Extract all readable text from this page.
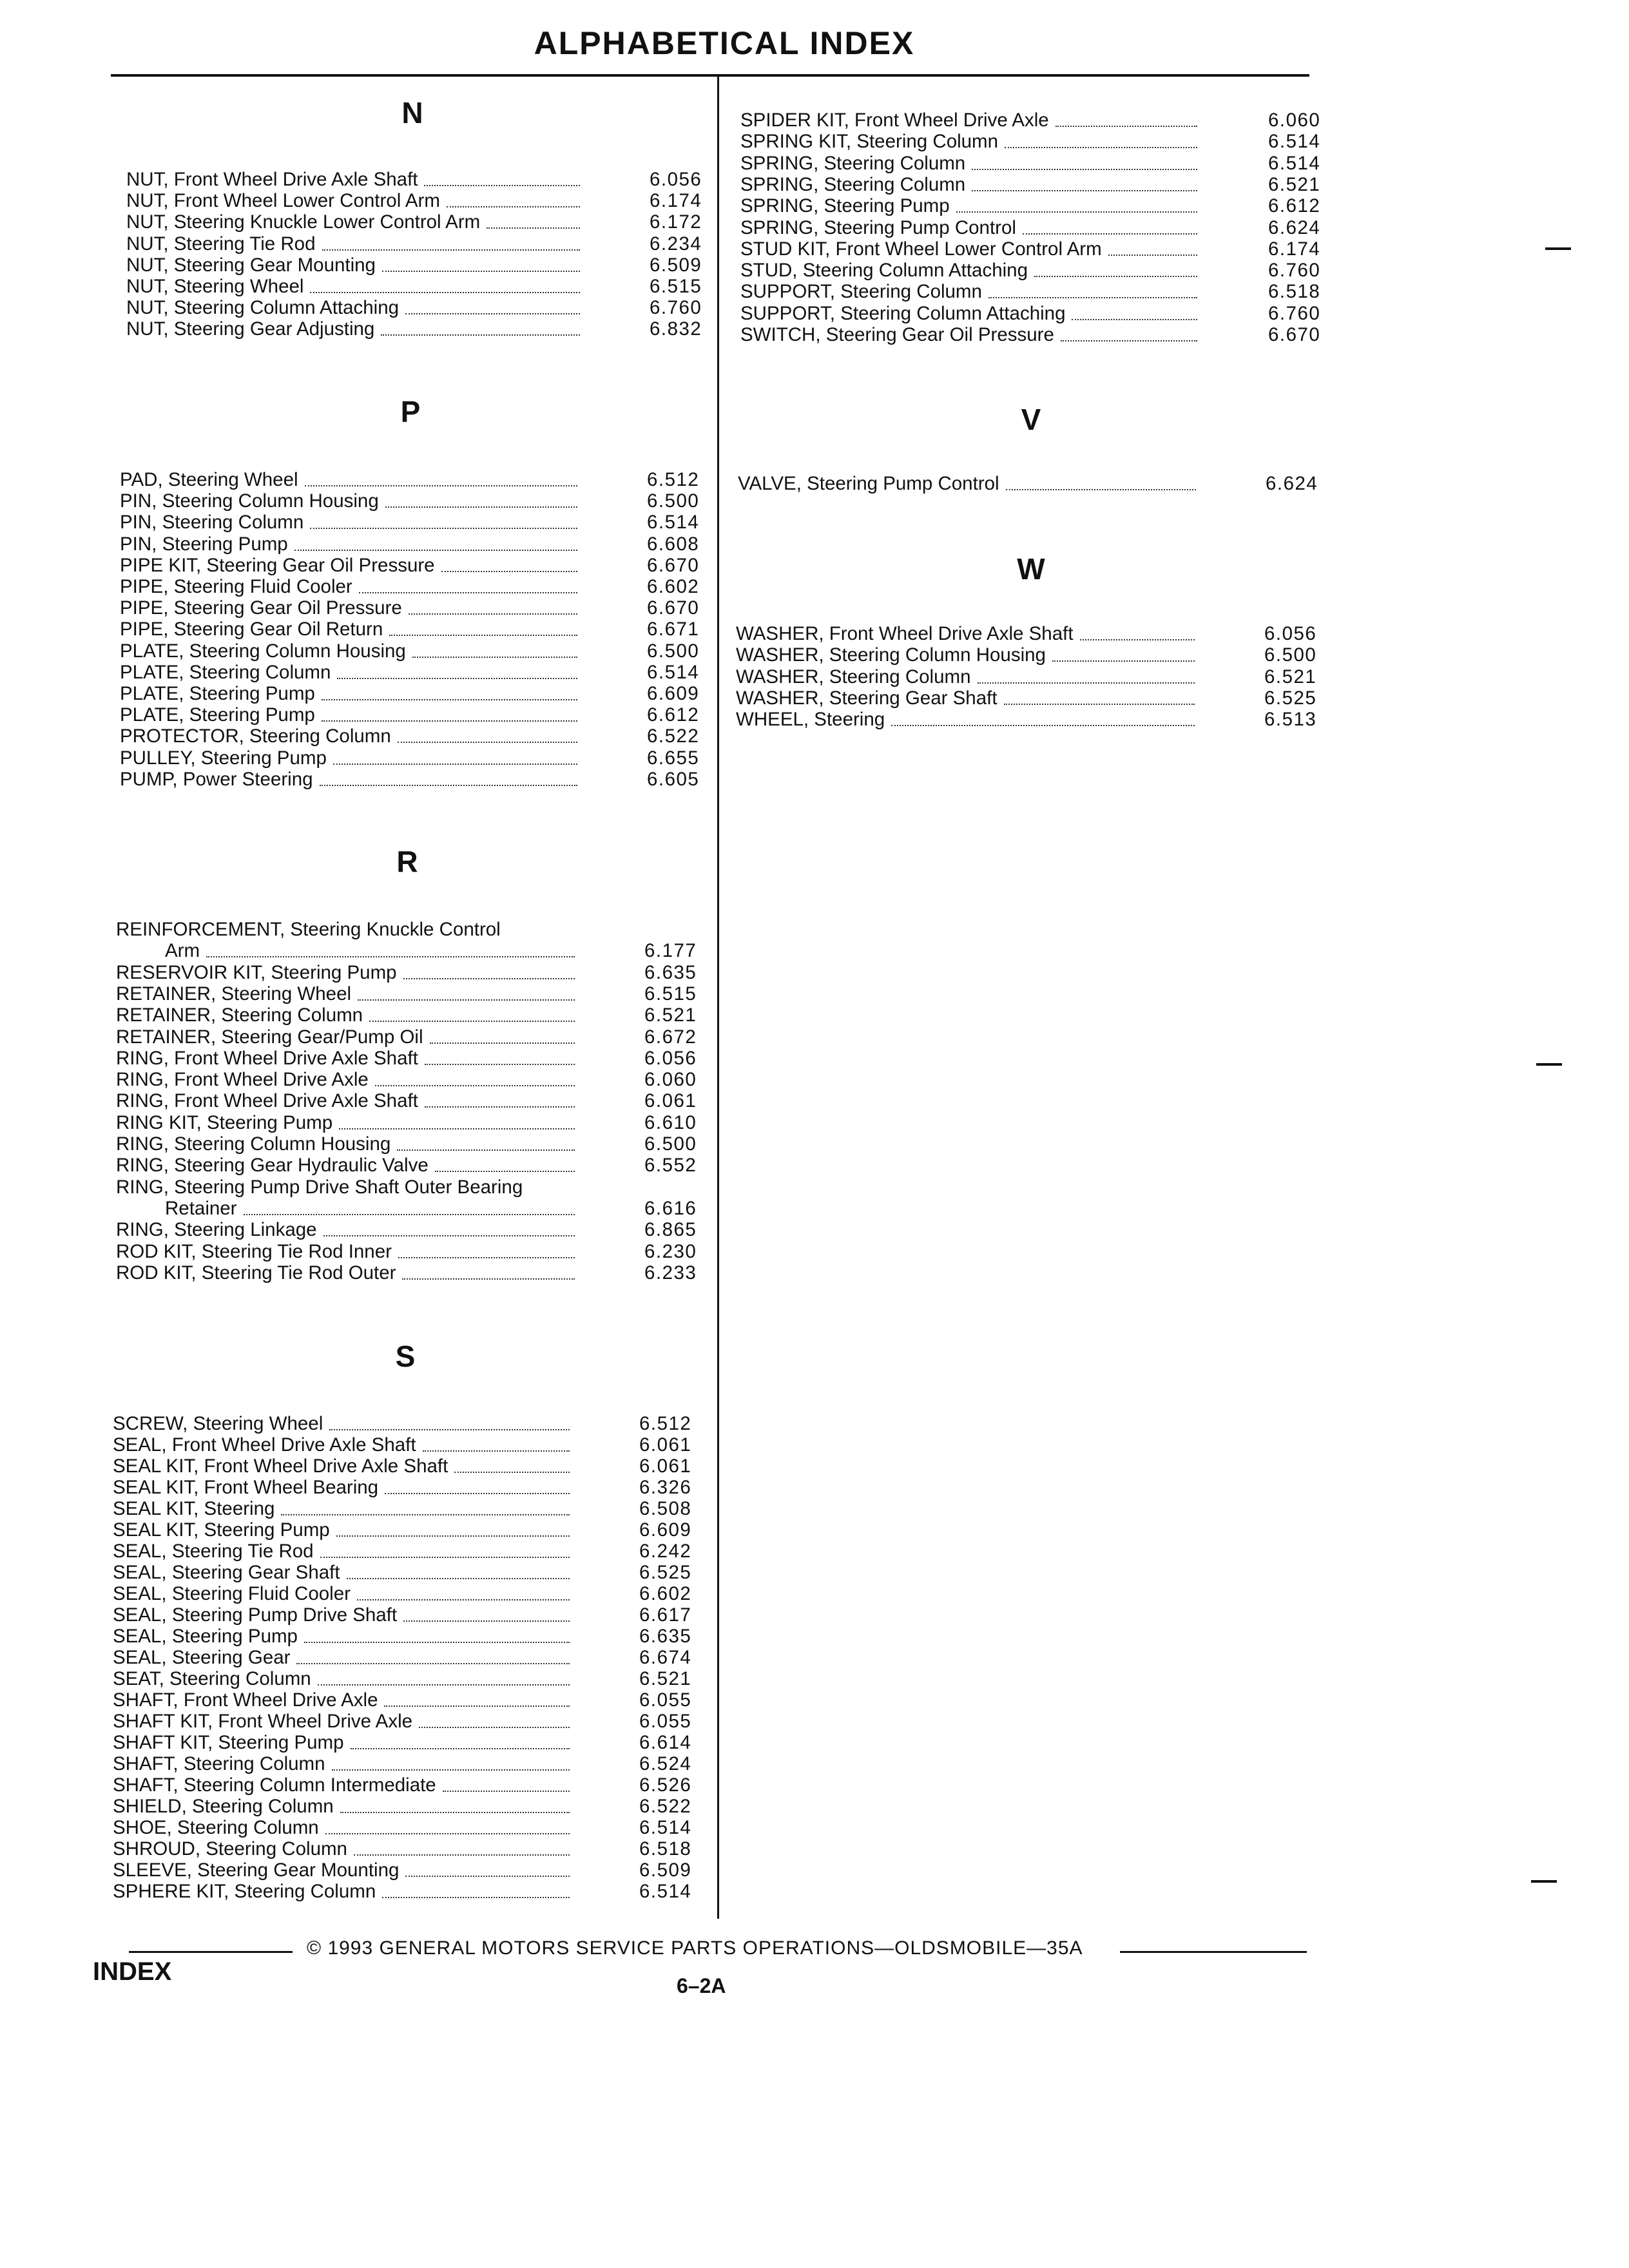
ALPHABETICAL INDEX
N
P
R
S
V
W
NUT, Front Wheel Drive Axle Shaft	6.056
NUT, Front Wheel Lower Control Arm	6.174
NUT, Steering Knuckle Lower Control Arm	6.172
NUT, Steering Tie Rod	6.234
NUT, Steering Gear Mounting	6.509
NUT, Steering Wheel	6.515
NUT, Steering Column Attaching	6.760
NUT, Steering Gear Adjusting	6.832
PAD, Steering Wheel	6.512
PIN, Steering Column Housing	6.500
PIN, Steering Column	6.514
PIN, Steering Pump	6.608
PIPE KIT, Steering Gear Oil Pressure	6.670
PIPE, Steering Fluid Cooler	6.602
PIPE, Steering Gear Oil Pressure	6.670
PIPE, Steering Gear Oil Return	6.671
PLATE, Steering Column Housing	6.500
PLATE, Steering Column	6.514
PLATE, Steering Pump	6.609
PLATE, Steering Pump	6.612
PROTECTOR, Steering Column	6.522
PULLEY, Steering Pump	6.655
PUMP, Power Steering	6.605
REINFORCEMENT, Steering Knuckle Control
Arm	6.177
RESERVOIR KIT, Steering Pump	6.635
RETAINER, Steering Wheel	6.515
RETAINER, Steering Column	6.521
RETAINER, Steering Gear/Pump Oil	6.672
RING, Front Wheel Drive Axle Shaft	6.056
RING, Front Wheel Drive Axle	6.060
RING, Front Wheel Drive Axle Shaft	6.061
RING KIT, Steering Pump	6.610
RING, Steering Column Housing	6.500
RING, Steering Gear Hydraulic Valve	6.552
RING, Steering Pump Drive Shaft Outer Bearing
Retainer	6.616
RING, Steering Linkage	6.865
ROD KIT, Steering Tie Rod Inner	6.230
ROD KIT, Steering Tie Rod Outer	6.233
SCREW, Steering Wheel	6.512
SEAL, Front Wheel Drive Axle Shaft	6.061
SEAL KIT, Front Wheel Drive Axle Shaft	6.061
SEAL KIT, Front Wheel Bearing	6.326
SEAL KIT, Steering	6.508
SEAL KIT, Steering Pump	6.609
SEAL, Steering Tie Rod	6.242
SEAL, Steering Gear Shaft	6.525
SEAL, Steering Fluid Cooler	6.602
SEAL, Steering Pump Drive Shaft	6.617
SEAL, Steering Pump	6.635
SEAL, Steering Gear	6.674
SEAT, Steering Column	6.521
SHAFT, Front Wheel Drive Axle	6.055
SHAFT KIT, Front Wheel Drive Axle	6.055
SHAFT KIT, Steering Pump	6.614
SHAFT, Steering Column	6.524
SHAFT, Steering Column Intermediate	6.526
SHIELD, Steering Column	6.522
SHOE, Steering Column	6.514
SHROUD, Steering Column	6.518
SLEEVE, Steering Gear Mounting	6.509
SPHERE KIT, Steering Column	6.514
SPIDER KIT, Front Wheel Drive Axle	6.060
SPRING KIT, Steering Column	6.514
SPRING, Steering Column	6.514
SPRING, Steering Column	6.521
SPRING, Steering Pump	6.612
SPRING, Steering Pump Control	6.624
STUD KIT, Front Wheel Lower Control Arm	6.174
STUD, Steering Column Attaching	6.760
SUPPORT, Steering Column	6.518
SUPPORT, Steering Column Attaching	6.760
SWITCH, Steering Gear Oil Pressure	6.670
VALVE, Steering Pump Control	6.624
WASHER, Front Wheel Drive Axle Shaft	6.056
WASHER, Steering Column Housing	6.500
WASHER, Steering Column	6.521
WASHER, Steering Gear Shaft	6.525
WHEEL, Steering	6.513
© 1993 GENERAL MOTORS SERVICE PARTS OPERATIONS—OLDSMOBILE—35A
INDEX	6–2A
